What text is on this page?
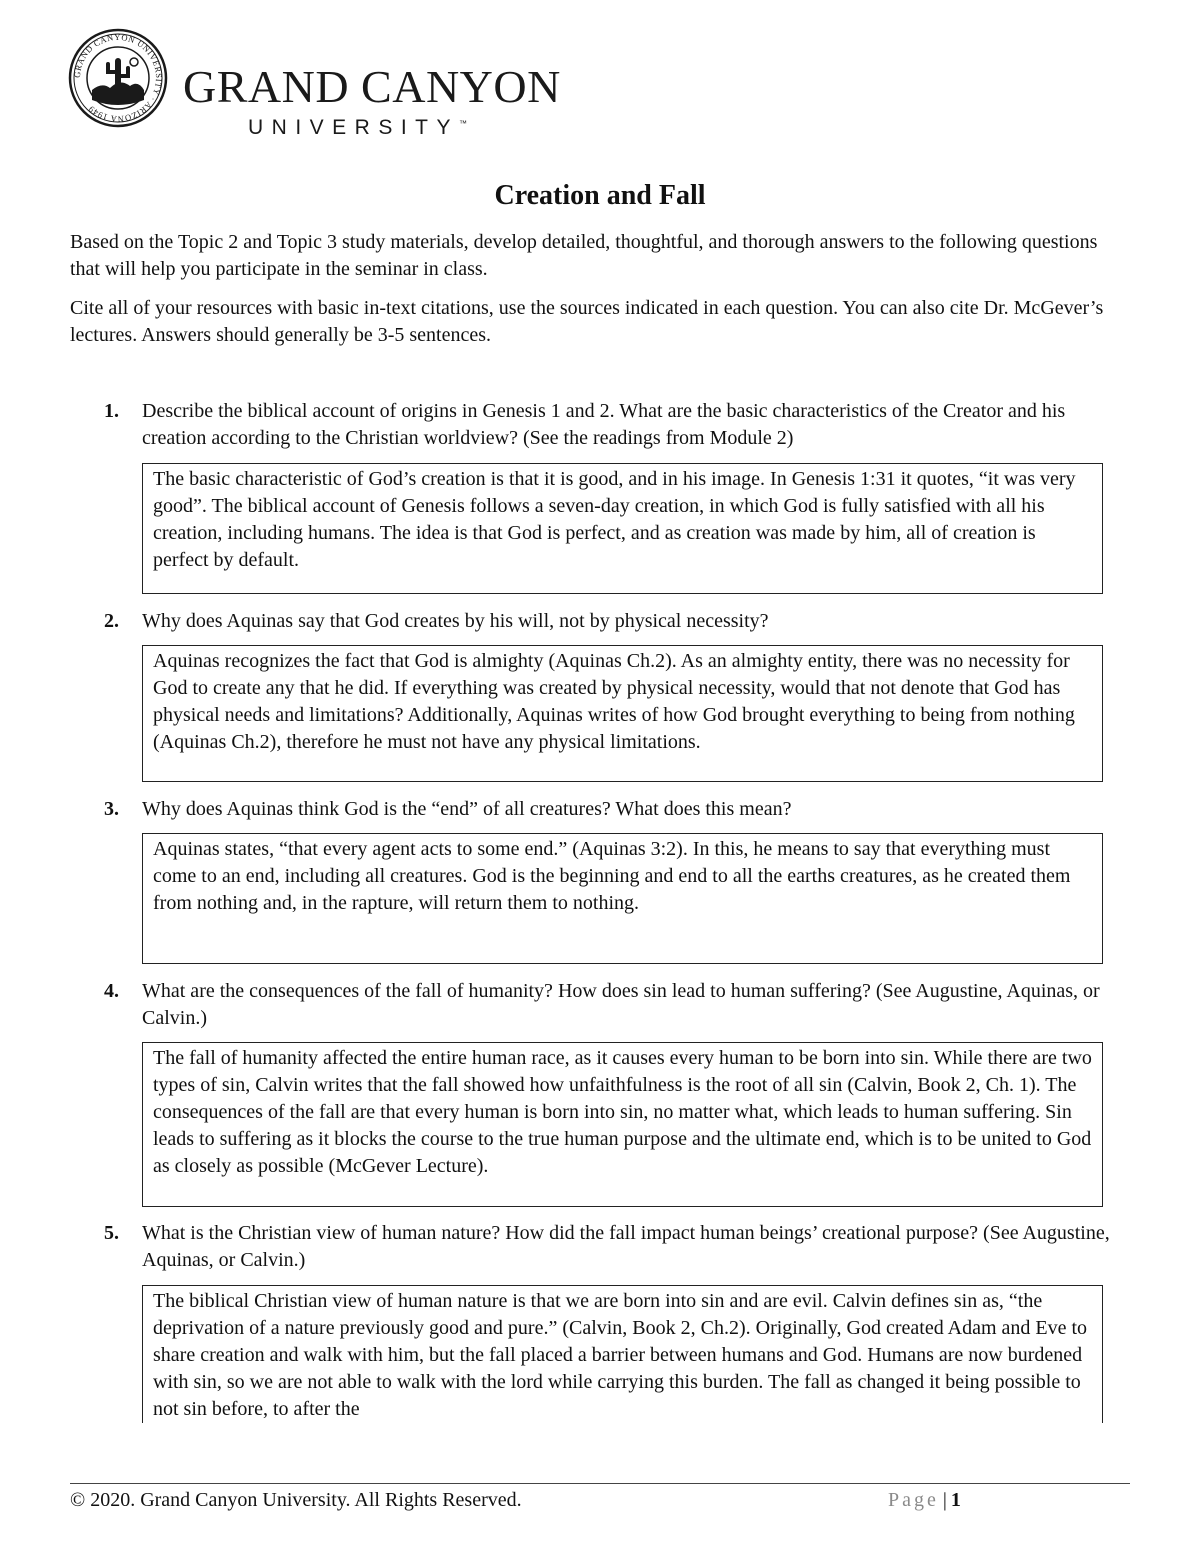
GRAND CANYON UNIVERSITY · ARIZONA 1949	GRAND CANYON
UNIVERSITY™
Creation and Fall
Based on the Topic 2 and Topic 3 study materials, develop detailed, thoughtful, and thorough answers to the following questions that will help you participate in the seminar in class.
Cite all of your resources with basic in-text citations, use the sources indicated in each question. You can also cite Dr. McGever’s lectures. Answers should generally be 3-5 sentences.
1. Describe the biblical account of origins in Genesis 1 and 2. What are the basic characteristics of the Creator and his creation according to the Christian worldview? (See the readings from Module 2)
The basic characteristic of God’s creation is that it is good, and in his image. In Genesis 1:31 it quotes, “it was very good”. The biblical account of Genesis follows a seven-day creation, in which God is fully satisfied with all his creation, including humans. The idea is that God is perfect, and as creation was made by him, all of creation is perfect by default.
2. Why does Aquinas say that God creates by his will, not by physical necessity?
Aquinas recognizes the fact that God is almighty (Aquinas Ch.2). As an almighty entity, there was no necessity for God to create any that he did. If everything was created by physical necessity, would that not denote that God has physical needs and limitations? Additionally, Aquinas writes of how God brought everything to being from nothing (Aquinas Ch.2), therefore he must not have any physical limitations.
3. Why does Aquinas think God is the “end” of all creatures? What does this mean?
Aquinas states, “that every agent acts to some end.” (Aquinas 3:2). In this, he means to say that everything must come to an end, including all creatures. God is the beginning and end to all the earths creatures, as he created them from nothing and, in the rapture, will return them to nothing.
4. What are the consequences of the fall of humanity? How does sin lead to human suffering? (See Augustine, Aquinas, or Calvin.)
The fall of humanity affected the entire human race, as it causes every human to be born into sin. While there are two types of sin, Calvin writes that the fall showed how unfaithfulness is the root of all sin (Calvin, Book 2, Ch. 1). The consequences of the fall are that every human is born into sin, no matter what, which leads to human suffering. Sin leads to suffering as it blocks the course to the true human purpose and the ultimate end, which is to be united to God as closely as possible (McGever Lecture).
5. What is the Christian view of human nature? How did the fall impact human beings’ creational purpose? (See Augustine, Aquinas, or Calvin.)
The biblical Christian view of human nature is that we are born into sin and are evil. Calvin defines sin as, “the deprivation of a nature previously good and pure.” (Calvin, Book 2, Ch.2). Originally, God created Adam and Eve to share creation and walk with him, but the fall placed a barrier between humans and God. Humans are now burdened with sin, so we are not able to walk with the lord while carrying this burden. The fall as changed it being possible to not sin before, to after the
© 2020. Grand Canyon University. All Rights Reserved.	Page | 1
